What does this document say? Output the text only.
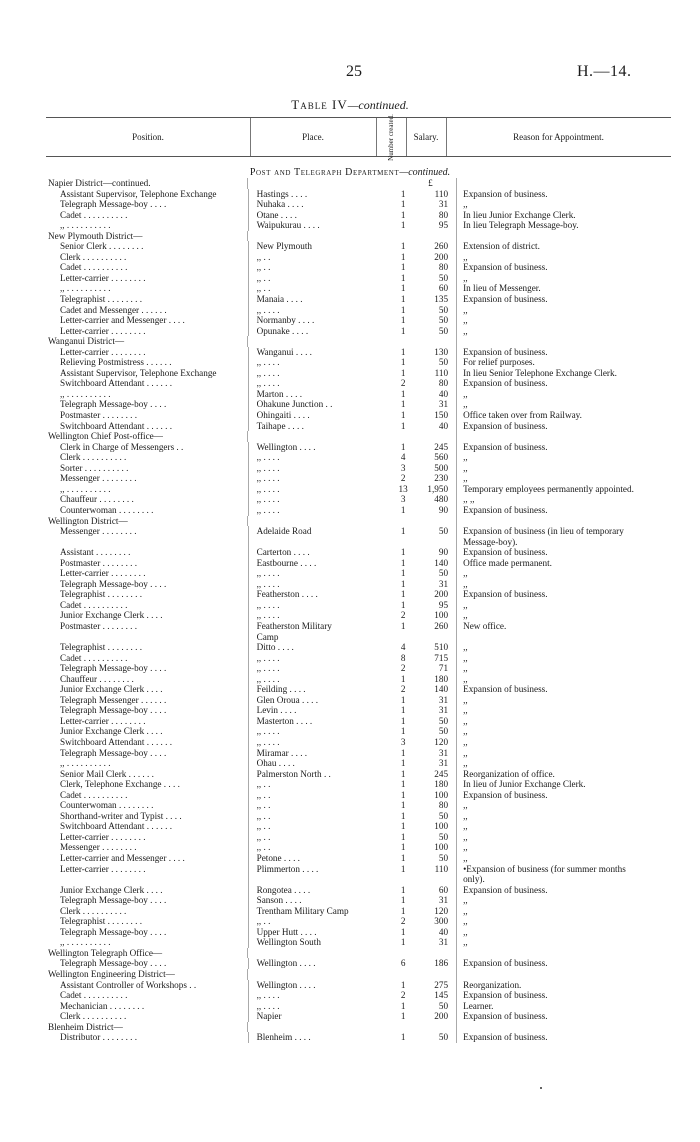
25	H.—14.
Table IV—continued.
Position.	Place.	Number created.	Salary.	Reason for Appointment.
Post and Telegraph Department—continued.
Napier District—continued.	£
Assistant Supervisor, Telephone Exchange	Hastings . . . .	1	110	Expansion of business.
Telegraph Message-boy . . . .	Nuhaka . . . .	1	31	,,
Cadet . . . . . . . . . .	Otane . . . .	1	80	In lieu Junior Exchange Clerk.
,, . . . . . . . . . .	Waipukurau . . . .	1	95	In lieu Telegraph Message-boy.
New Plymouth District—
Senior Clerk . . . . . . . .	New Plymouth	1	260	Extension of district.
Clerk . . . . . . . . . .	,, . .	1	200	,,
Cadet . . . . . . . . . .	,, . .	1	80	Expansion of business.
Letter-carrier . . . . . . . .	,, . .	1	50	,,
,, . . . . . . . . . .	,, . .	1	60	In lieu of Messenger.
Telegraphist . . . . . . . .	Manaia . . . .	1	135	Expansion of business.
Cadet and Messenger . . . . . .	,, . . . .	1	50	,,
Letter-carrier and Messenger . . . .	Normanby . . . .	1	50	,,
Letter-carrier . . . . . . . .	Opunake . . . .	1	50	,,
Wanganui District—
Letter-carrier . . . . . . . .	Wanganui . . . .	1	130	Expansion of business.
Relieving Postmistress . . . . . .	,, . . . .	1	50	For relief purposes.
Assistant Supervisor, Telephone Exchange	,, . . . .	1	110	In lieu Senior Telephone Exchange Clerk.
Switchboard Attendant . . . . . .	,, . . . .	2	80	Expansion of business.
,, . . . . . . . . . .	Marton . . . .	1	40	,,
Telegraph Message-boy . . . .	Ohakune Junction . .	1	31	,,
Postmaster . . . . . . . .	Ohingaiti . . . .	1	150	Office taken over from Railway.
Switchboard Attendant . . . . . .	Taihape . . . .	1	40	Expansion of business.
Wellington Chief Post-office—
Clerk in Charge of Messengers . .	Wellington . . . .	1	245	Expansion of business.
Clerk . . . . . . . . . .	,, . . . .	4	560	,,
Sorter . . . . . . . . . .	,, . . . .	3	500	,,
Messenger . . . . . . . .	,, . . . .	2	230	,,
,, . . . . . . . . . .	,, . . . .	13	1,950	Temporary employees permanently appointed.
Chauffeur . . . . . . . .	,, . . . .	3	480	,, ,,
Counterwoman . . . . . . . .	,, . . . .	1	90	Expansion of business.
Wellington District—
Messenger . . . . . . . .	Adelaide Road	1	50	Expansion of business (in lieu of temporary
Message-boy).
Assistant . . . . . . . .	Carterton . . . .	1	90	Expansion of business.
Postmaster . . . . . . . .	Eastbourne . . . .	1	140	Office made permanent.
Letter-carrier . . . . . . . .	,, . . . .	1	50	,,
Telegraph Message-boy . . . .	,, . . . .	1	31	,,
Telegraphist . . . . . . . .	Featherston . . . .	1	200	Expansion of business.
Cadet . . . . . . . . . .	,, . . . .	1	95	,,
Junior Exchange Clerk . . . .	,, . . . .	2	100	,,
Postmaster . . . . . . . .	Featherston Military	1	260	New office.
Camp
Telegraphist . . . . . . . .	Ditto . . . .	4	510	,,
Cadet . . . . . . . . . .	,, . . . .	8	715	,,
Telegraph Message-boy . . . .	,, . . . .	2	71	,,
Chauffeur . . . . . . . .	,, . . . .	1	180	,,
Junior Exchange Clerk . . . .	Feilding . . . .	2	140	Expansion of business.
Telegraph Messenger . . . . . .	Glen Oroua . . . .	1	31	,,
Telegraph Message-boy . . . .	Levin . . . .	1	31	,,
Letter-carrier . . . . . . . .	Masterton . . . .	1	50	,,
Junior Exchange Clerk . . . .	,, . . . .	1	50	,,
Switchboard Attendant . . . . . .	,, . . . .	3	120	,,
Telegraph Message-boy . . . .	Miramar . . . .	1	31	,,
,, . . . . . . . . . .	Ohau . . . .	1	31	,,
Senior Mail Clerk . . . . . .	Palmerston North . .	1	245	Reorganization of office.
Clerk, Telephone Exchange . . . .	,, . .	1	180	In lieu of Junior Exchange Clerk.
Cadet . . . . . . . . . .	,, . .	1	100	Expansion of business.
Counterwoman . . . . . . . .	,, . .	1	80	,,
Shorthand-writer and Typist . . . .	,, . .	1	50	,,
Switchboard Attendant . . . . . .	,, . .	1	100	,,
Letter-carrier . . . . . . . .	,, . .	1	50	,,
Messenger . . . . . . . .	,, . .	1	100	,,
Letter-carrier and Messenger . . . .	Petone . . . .	1	50	,,
Letter-carrier . . . . . . . .	Plimmerton . . . .	1	110	•Expansion of business (for summer months
only).
Junior Exchange Clerk . . . .	Rongotea . . . .	1	60	Expansion of business.
Telegraph Message-boy . . . .	Sanson . . . .	1	31	,,
Clerk . . . . . . . . . .	Trentham Military Camp	1	120	,,
Telegraphist . . . . . . . .	,, . .	2	300	,,
Telegraph Message-boy . . . .	Upper Hutt . . . .	1	40	,,
,, . . . . . . . . . .	Wellington South	1	31	,,
Wellington Telegraph Office—
Telegraph Message-boy . . . .	Wellington . . . .	6	186	Expansion of business.
Wellington Engineering District—
Assistant Controller of Workshops . .	Wellington . . . .	1	275	Reorganization.
Cadet . . . . . . . . . .	,, . . . .	2	145	Expansion of business.
Mechanician . . . . . . . .	,, . . . .	1	50	Learner.
Clerk . . . . . . . . . .	Napier	1	200	Expansion of business.
Blenheim District—
Distributor . . . . . . . .	Blenheim . . . .	1	50	Expansion of business.
